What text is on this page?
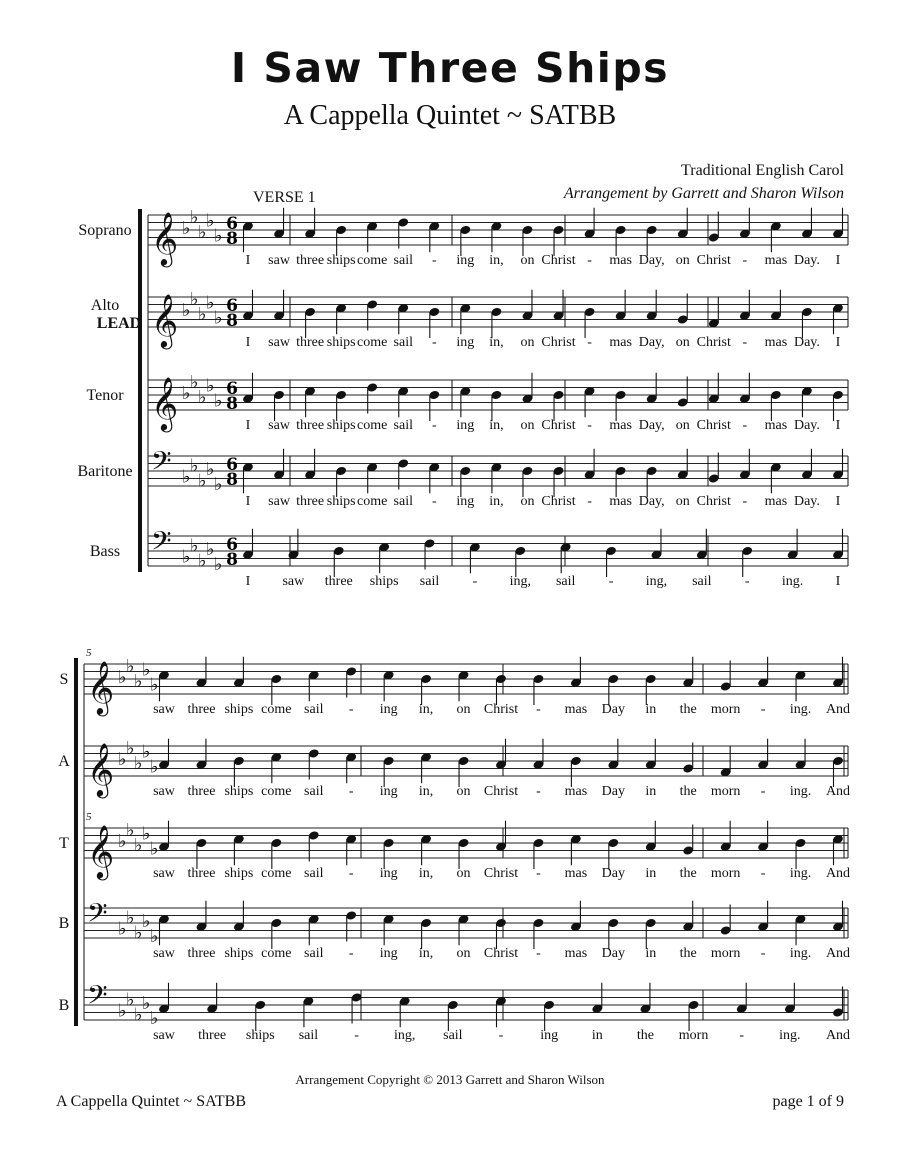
I Saw Three Ships
A Cappella Quintet ~ SATBB
Traditional English Carol
Arrangement by Garrett and Sharon Wilson
VERSE 1
Soprano 𝄞 ♭
♭
♭
♭
♭
6
8
I saw three ships come sail - ing in, on Christ - mas Day, on Christ - mas Day. I
Alto
LEAD 𝄞 ♭
♭
♭
♭
♭
6
8
I saw three ships come sail - ing in, on Christ - mas Day, on Christ - mas Day. I
Tenor 𝄞 ♭
♭
♭
♭
♭
6
8
I saw three ships come sail - ing in, on Christ - mas Day, on Christ - mas Day. I
Baritone 𝄢 ♭
♭
♭
♭
♭
6
8
I saw three ships come sail - ing in, on Christ - mas Day, on Christ - mas Day. I
Bass 𝄢 ♭
♭
♭
♭
♭
6
8
I saw three ships sail - ing, sail - ing, sail - ing. I
S 𝄞 ♭
♭
♭
♭
♭
saw three ships come sail - ing in, on Christ - mas Day in the morn - ing. And
A 𝄞 ♭
♭
♭
♭
♭
saw three ships come sail - ing in, on Christ - mas Day in the morn - ing. And
T 𝄞 ♭
♭
♭
♭
♭
saw three ships come sail - ing in, on Christ - mas Day in the morn - ing. And
B 𝄢 ♭
♭
♭
♭
♭
saw three ships come sail - ing in, on Christ - mas Day in the morn - ing. And
B 𝄢 ♭
♭
♭
♭
♭
saw three ships sail	-	ing, sail	-	ing in the morn -	ing. And
5
5
Arrangement Copyright © 2013 Garrett and Sharon Wilson
A Cappella Quintet ~ SATBB	page 1 of 9
